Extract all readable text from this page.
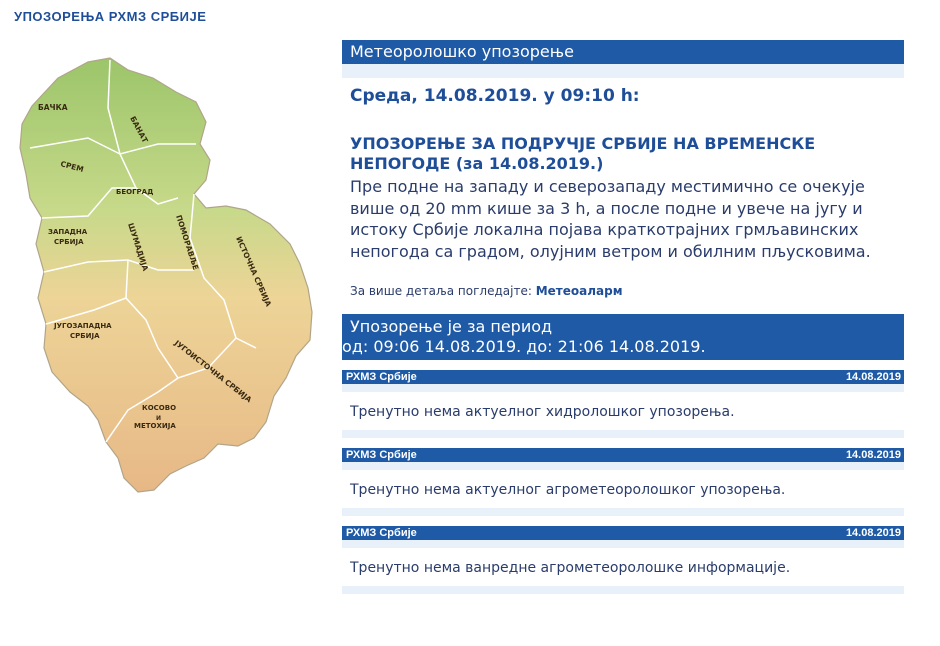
УПОЗОРЕЊА РХМЗ СРБИЈЕ
БАЧКА
БАНАТ
СРЕМ
БЕОГРАД
ЗАПАДНА
СРБИЈА	ШУМАДИЈА	ПОМОРАВЉЕ	ИСТОЧНА СРБИЈА
ЈУГОЗАПАДНА
СРБИЈА
ЈУГОИСТОЧНА СРБИЈА
КОСОВО
И
МЕТОХИЈА
Метеоролошко упозорење
Среда, 14.08.2019. у 09:10 h:
УПОЗОРЕЊЕ ЗА ПОДРУЧЈЕ СРБИЈЕ НА ВРЕМЕНСКЕ НЕПОГОДЕ (за 14.08.2019.)
Пре подне на западу и северозападу местимично се очекује више од 20 mm кише за 3 h, а после подне и увече на југу и истоку Србије локална појава краткотрајних грмљавинских непогода са градом, олујним ветром и обилним пљусковима.
За више детаља погледајте: Метеоаларм
Упозорење је за период
од: 09:06 14.08.2019. до: 21:06 14.08.2019.
РХМЗ Србије	14.08.2019
Тренутно нема актуелног хидролошког упозорења.
РХМЗ Србије	14.08.2019
Тренутно нема актуелног агрометеоролошког упозорења.
РХМЗ Србије	14.08.2019
Тренутно нема ванредне агрометеоролошке информације.
